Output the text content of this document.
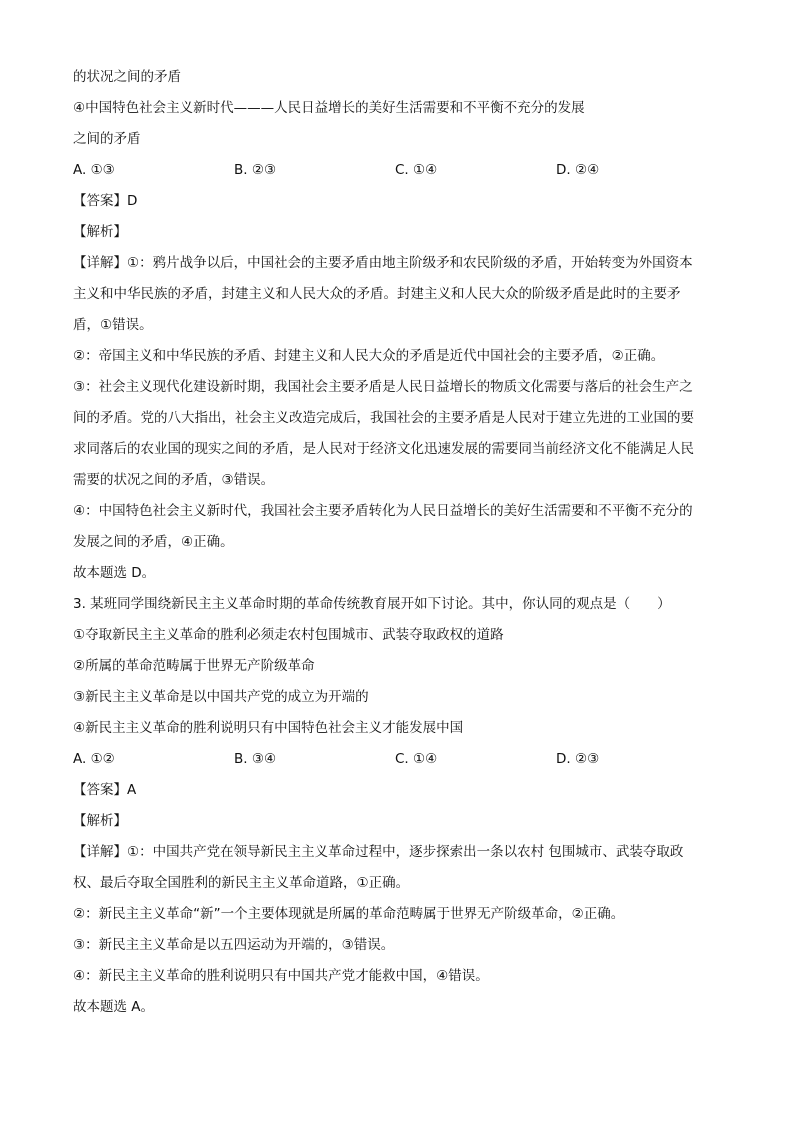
的状况之间的矛盾
④中国特色社会主义新时代———人民日益增长的美好生活需要和不平衡不充分的发展
之间的矛盾
A. ①③	B. ②③	C. ①④	D. ②④
【答案】D
【解析】
【详解】①：鸦片战争以后，中国社会的主要矛盾由地主阶级矛和农民阶级的矛盾，开始转变为外国资本
主义和中华民族的矛盾，封建主义和人民大众的矛盾。封建主义和人民大众的阶级矛盾是此时的主要矛
盾，①错误。
②：帝国主义和中华民族的矛盾、封建主义和人民大众的矛盾是近代中国社会的主要矛盾，②正确。
③：社会主义现代化建设新时期，我国社会主要矛盾是人民日益增长的物质文化需要与落后的社会生产之
间的矛盾。党的八大指出，社会主义改造完成后，我国社会的主要矛盾是人民对于建立先进的工业国的要
求同落后的农业国的现实之间的矛盾，是人民对于经济文化迅速发展的需要同当前经济文化不能满足人民
需要的状况之间的矛盾，③错误。
④：中国特色社会主义新时代，我国社会主要矛盾转化为人民日益增长的美好生活需要和不平衡不充分的
发展之间的矛盾，④正确。
故本题选 D。
3. 某班同学围绕新民主主义革命时期的革命传统教育展开如下讨论。其中，你认同的观点是（　　）
①夺取新民主主义革命的胜利必须走农村包围城市、武装夺取政权的道路
②所属的革命范畴属于世界无产阶级革命
③新民主主义革命是以中国共产党的成立为开端的
④新民主主义革命的胜利说明只有中国特色社会主义才能发展中国
A. ①②	B. ③④	C. ①④	D. ②③
【答案】A
【解析】
【详解】①：中国共产党在领导新民主主义革命过程中，逐步探索出一条以农村 包围城市、武装夺取政
权、最后夺取全国胜利的新民主主义革命道路，①正确。
②：新民主主义革命“新”一个主要体现就是所属的革命范畴属于世界无产阶级革命，②正确。
③：新民主主义革命是以五四运动为开端的，③错误。
④：新民主主义革命的胜利说明只有中国共产党才能救中国，④错误。
故本题选 A。
